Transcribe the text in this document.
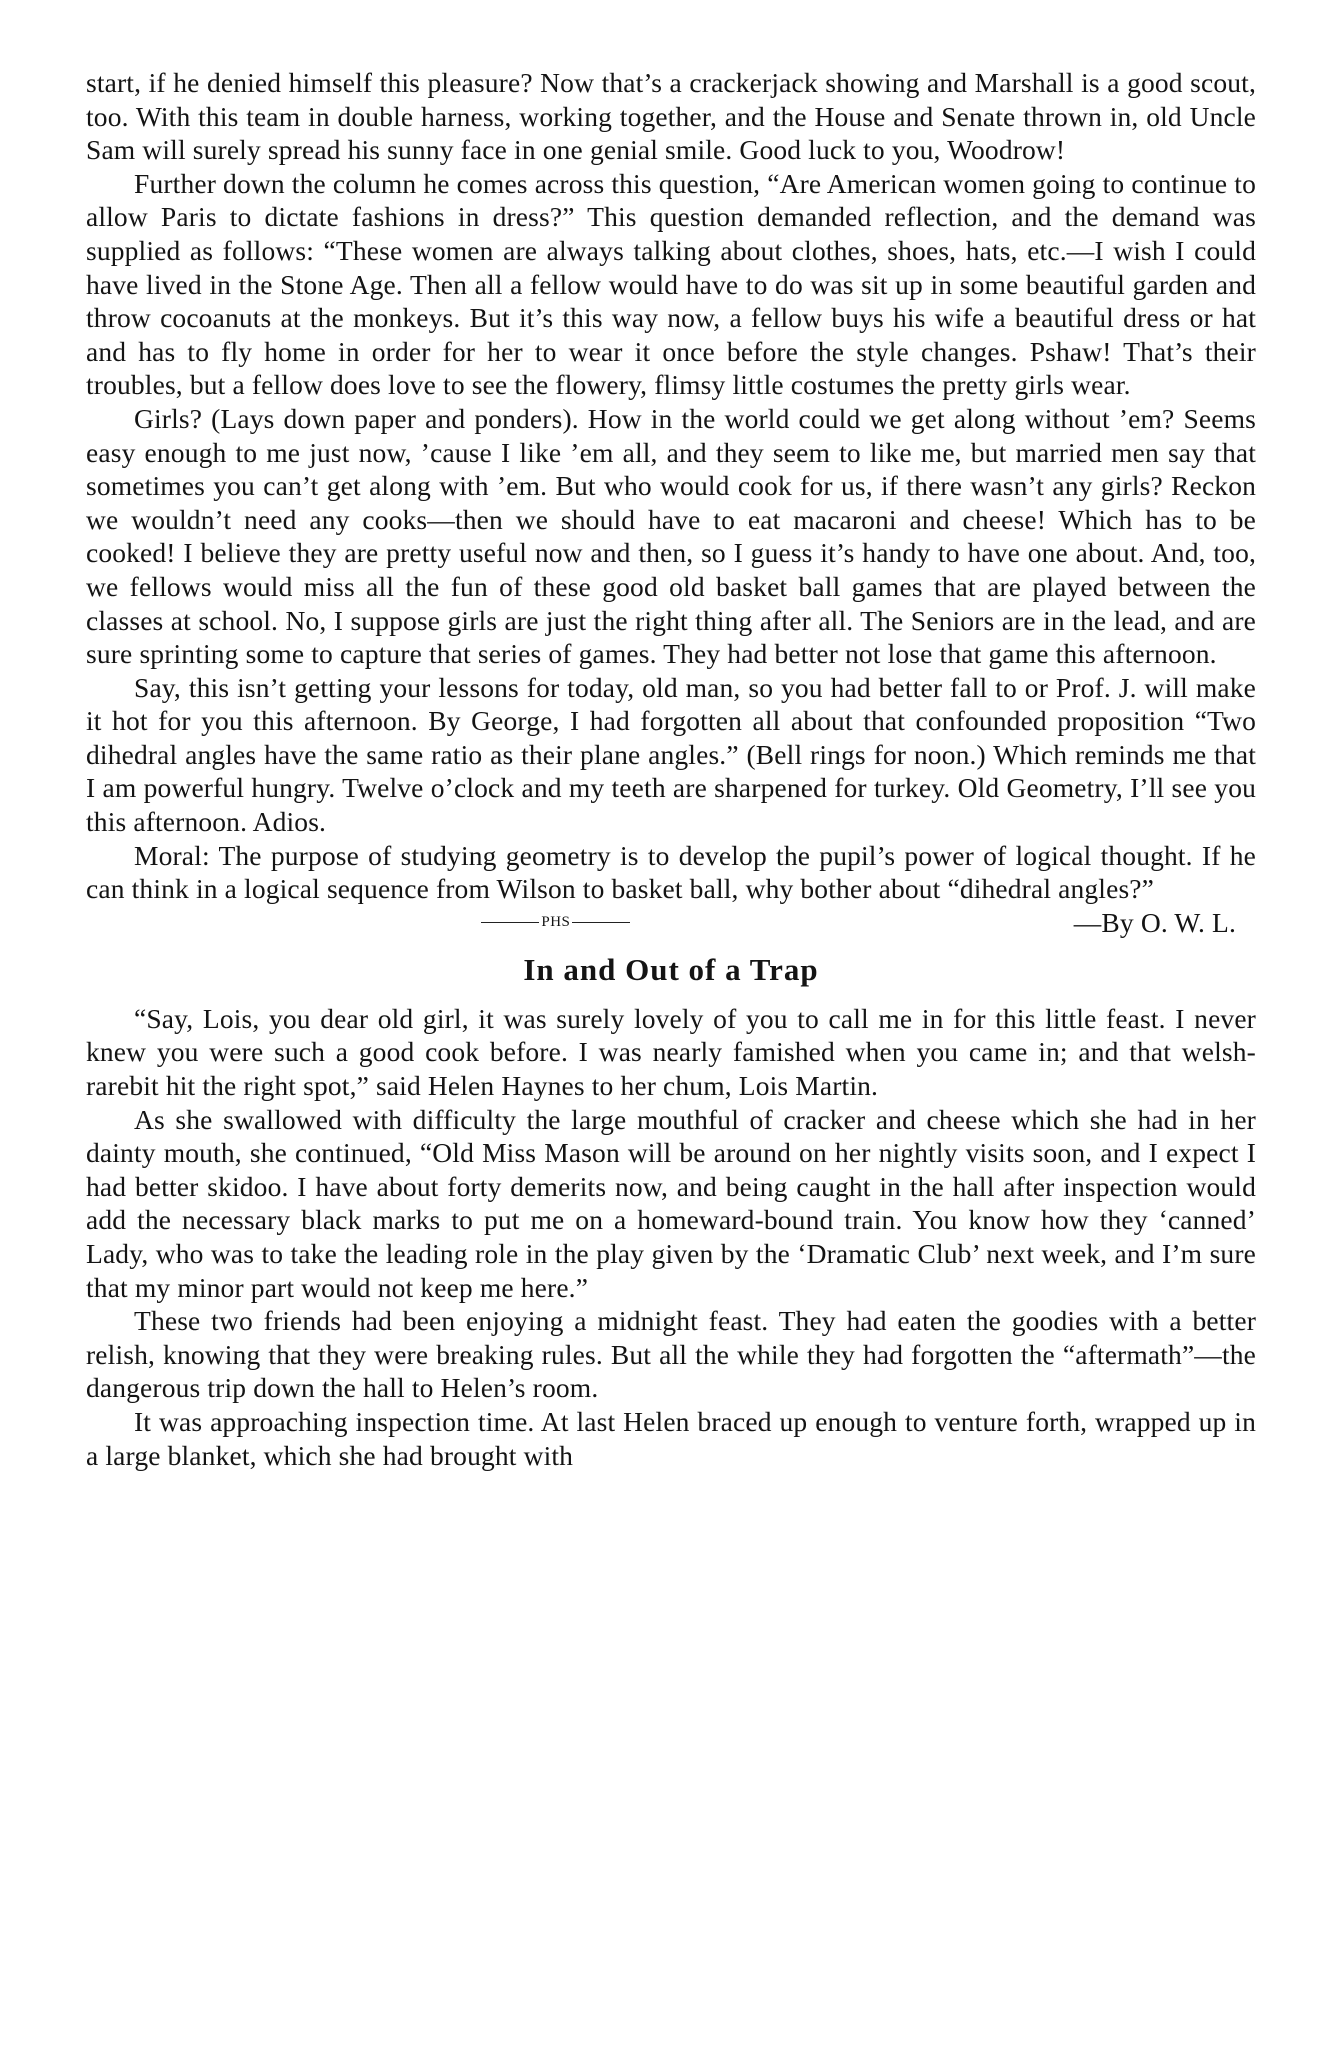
start, if he denied himself this pleasure? Now that’s a crackerjack showing and Marshall is a good scout, too. With this team in double harness, working together, and the House and Senate thrown in, old Uncle Sam will surely spread his sunny face in one genial smile. Good luck to you, Woodrow!

Further down the column he comes across this question, “Are American women going to continue to allow Paris to dictate fashions in dress?” This question demanded reflection, and the demand was supplied as follows: “These women are always talking about clothes, shoes, hats, etc.—I wish I could have lived in the Stone Age. Then all a fellow would have to do was sit up in some beautiful garden and throw cocoanuts at the monkeys. But it’s this way now, a fellow buys his wife a beautiful dress or hat and has to fly home in order for her to wear it once before the style changes. Pshaw! That’s their troubles, but a fellow does love to see the flowery, flimsy little costumes the pretty girls wear.

Girls? (Lays down paper and ponders). How in the world could we get along without ’em? Seems easy enough to me just now, ’cause I like ’em all, and they seem to like me, but married men say that sometimes you can’t get along with ’em. But who would cook for us, if there wasn’t any girls? Reckon we wouldn’t need any cooks—then we should have to eat macaroni and cheese! Which has to be cooked! I believe they are pretty useful now and then, so I guess it’s handy to have one about. And, too, we fellows would miss all the fun of these good old basket ball games that are played between the classes at school. No, I suppose girls are just the right thing after all. The Seniors are in the lead, and are sure sprinting some to capture that series of games. They had better not lose that game this afternoon.

Say, this isn’t getting your lessons for today, old man, so you had better fall to or Prof. J. will make it hot for you this afternoon. By George, I had forgotten all about that confounded proposition “Two dihedral angles have the same ratio as their plane angles.” (Bell rings for noon.) Which reminds me that I am powerful hungry. Twelve o’clock and my teeth are sharpened for turkey. Old Geometry, I’ll see you this afternoon. Adios.

Moral: The purpose of studying geometry is to develop the pupil’s power of logical thought. If he can think in a logical sequence from Wilson to basket ball, why bother about “dihedral angles?”
—By O. W. L.

PHS
In and Out of a Trap

“Say, Lois, you dear old girl, it was surely lovely of you to call me in for this little feast. I never knew you were such a good cook before. I was nearly famished when you came in; and that welsh-rarebit hit the right spot,” said Helen Haynes to her chum, Lois Martin.

As she swallowed with difficulty the large mouthful of cracker and cheese which she had in her dainty mouth, she continued, “Old Miss Mason will be around on her nightly visits soon, and I expect I had better skidoo. I have about forty demerits now, and being caught in the hall after inspection would add the necessary black marks to put me on a homeward-bound train. You know how they ‘canned’ Lady, who was to take the leading role in the play given by the ‘Dramatic Club’ next week, and I’m sure that my minor part would not keep me here.”

These two friends had been enjoying a midnight feast. They had eaten the goodies with a better relish, knowing that they were breaking rules. But all the while they had forgotten the “aftermath”—the dangerous trip down the hall to Helen’s room.

It was approaching inspection time. At last Helen braced up enough to venture forth, wrapped up in a large blanket, which she had brought with
